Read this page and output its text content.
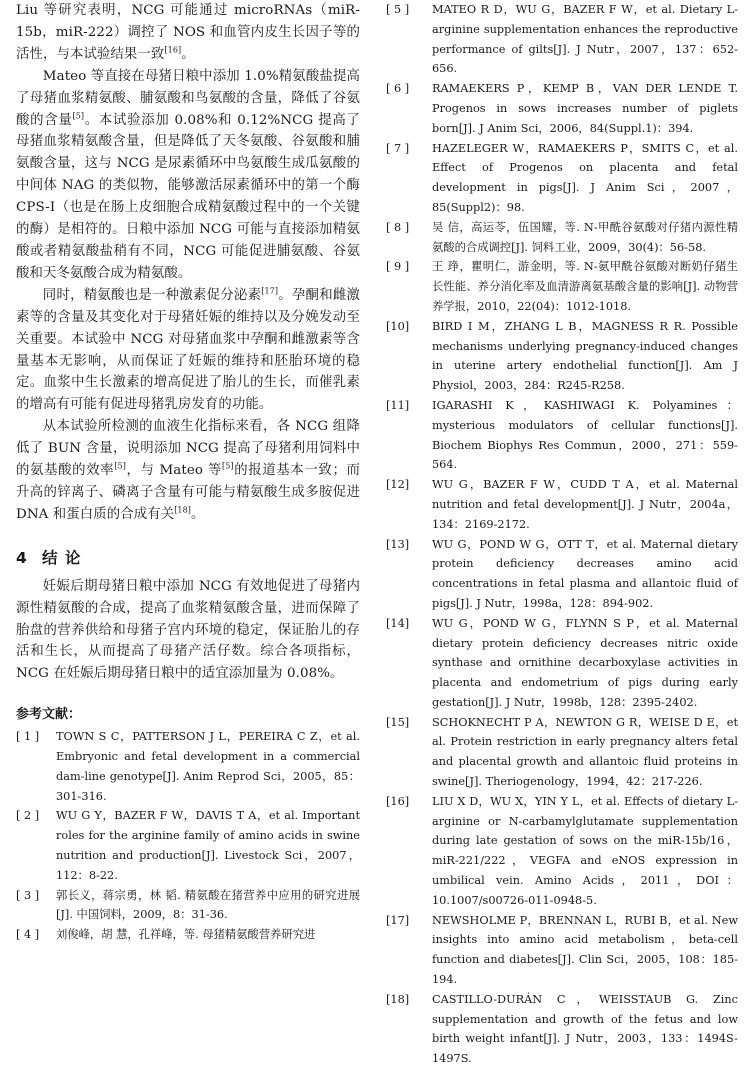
Liu 等研究表明，NCG 可能通过 microRNAs（miR-15b，miR-222）调控了 NOS 和血管内皮生长因子等的活性，与本试验结果一致[16]。
Mateo 等直接在母猪日粮中添加 1.0%精氨酸盐提高了母猪血浆精氨酸、脯氨酸和鸟氨酸的含量，降低了谷氨酸的含量[5]。本试验添加 0.08%和 0.12%NCG 提高了母猪血浆精氨酸含量，但是降低了天冬氨酸、谷氨酸和脯氨酸含量，这与 NCG 是尿素循环中鸟氨酸生成瓜氨酸的中间体 NAG 的类似物，能够激活尿素循环中的第一个酶 CPS-I（也是在肠上皮细胞合成精氨酸过程中的一个关键的酶）是相符的。日粮中添加 NCG 可能与直接添加精氨酸或者精氨酸盐稍有不同，NCG 可能促进脯氨酸、谷氨酸和天冬氨酸合成为精氨酸。
同时，精氨酸也是一种激素促分泌素[17]。孕酮和雌激素等的含量及其变化对于母猪妊娠的维持以及分娩发动至关重要。本试验中 NCG 对母猪血浆中孕酮和雌激素等含量基本无影响，从而保证了妊娠的维持和胚胎环境的稳定。血浆中生长激素的增高促进了胎儿的生长，而催乳素的增高有可能有促进母猪乳房发育的功能。
从本试验所检测的血液生化指标来看，各 NCG 组降低了 BUN 含量，说明添加 NCG 提高了母猪利用饲料中的氨基酸的效率[5]，与 Mateo 等[5]的报道基本一致；而升高的锌离子、磷离子含量有可能与精氨酸生成多胺促进 DNA 和蛋白质的合成有关[18]。
4 结 论
妊娠后期母猪日粮中添加 NCG 有效地促进了母猪内源性精氨酸的合成，提高了血浆精氨酸含量，进而保障了胎盘的营养供给和母猪子宫内环境的稳定，保证胎儿的存活和生长，从而提高了母猪产活仔数。综合各项指标，NCG 在妊娠后期母猪日粮中的适宜添加量为 0.08%。
参考文献：
[ 1 ]	TOWN S C，PATTERSON J L，PEREIRA C Z，et al. Embryonic and fetal development in a commercial dam-line genotype[J]. Anim Reprod Sci，2005，85：301-316.
[ 2 ]	WU G Y，BAZER F W，DAVIS T A，et al. Important roles for the arginine family of amino acids in swine nutrition and production[J]. Livestock Sci，2007，112：8-22.
[ 3 ]	郭长义，蒋宗勇，林 韬. 精氨酸在猪营养中应用的研究进展[J]. 中国饲料，2009，8：31-36.
[ 4 ]	刘俊峰，胡 慧，孔祥峰，等. 母猪精氨酸营养研究进
[ 5 ]	MATEO R D，WU G，BAZER F W，et al. Dietary L-arginine supplementation enhances the reproductive performance of gilts[J]. J Nutr，2007，137：652-656.
[ 6 ]	RAMAEKERS P，KEMP B，VAN DER LENDE T. Progenos in sows increases number of piglets born[J]. J Anim Sci，2006，84(Suppl.1)：394.
[ 7 ]	HAZELEGER W，RAMAEKERS P，SMITS C，et al. Effect of Progenos on placenta and fetal development in pigs[J]. J Anim Sci，2007，85(Suppl2)：98.
[ 8 ]	吴 信，高运苓，伍国耀，等. N-甲酰谷氨酸对仔猪内源性精氨酸的合成调控[J]. 饲料工业，2009，30(4)：56-58.
[ 9 ]	王 琤，瞿明仁，游金明，等. N-氨甲酰谷氨酸对断奶仔猪生长性能、养分消化率及血清游离氨基酸含量的影响[J]. 动物营养学报，2010，22(04)：1012-1018.
[10]	BIRD I M，ZHANG L B，MAGNESS R R. Possible mechanisms underlying pregnancy-induced changes in uterine artery endothelial function[J]. Am J Physiol，2003，284：R245-R258.
[11]	IGARASHI K，KASHIWAGI K. Polyamines：mysterious modulators of cellular functions[J]. Biochem Biophys Res Commun，2000，271：559-564.
[12]	WU G，BAZER F W，CUDD T A，et al. Maternal nutrition and fetal development[J]. J Nutr，2004a，134：2169-2172.
[13]	WU G，POND W G，OTT T，et al. Maternal dietary protein deficiency decreases amino acid concentrations in fetal plasma and allantoic fluid of pigs[J]. J Nutr，1998a，128：894-902.
[14]	WU G，POND W G，FLYNN S P，et al. Maternal dietary protein deficiency decreases nitric oxide synthase and ornithine decarboxylase activities in placenta and endometrium of pigs during early gestation[J]. J Nutr，1998b，128：2395-2402.
[15]	SCHOKNECHT P A，NEWTON G R，WEISE D E，et al. Protein restriction in early pregnancy alters fetal and placental growth and allantoic fluid proteins in swine[J]. Theriogenology，1994，42：217-226.
[16]	LIU X D，WU X，YIN Y L，et al. Effects of dietary L-arginine or N-carbamylglutamate supplementation during late gestation of sows on the miR-15b/16，miR-221/222，VEGFA and eNOS expression in umbilical vein. Amino Acids，2011，DOI：10.1007/s00726-011-0948-5.
[17]	NEWSHOLME P，BRENNAN L，RUBI B，et al. New insights into amino acid metabolism，beta-cell function and diabetes[J]. Clin Sci，2005，108：185-194.
[18]	CASTILLO-DURÁN C，WEISSTAUB G. Zinc supplementation and growth of the fetus and low birth weight infant[J]. J Nutr，2003，133：1494S-1497S.
